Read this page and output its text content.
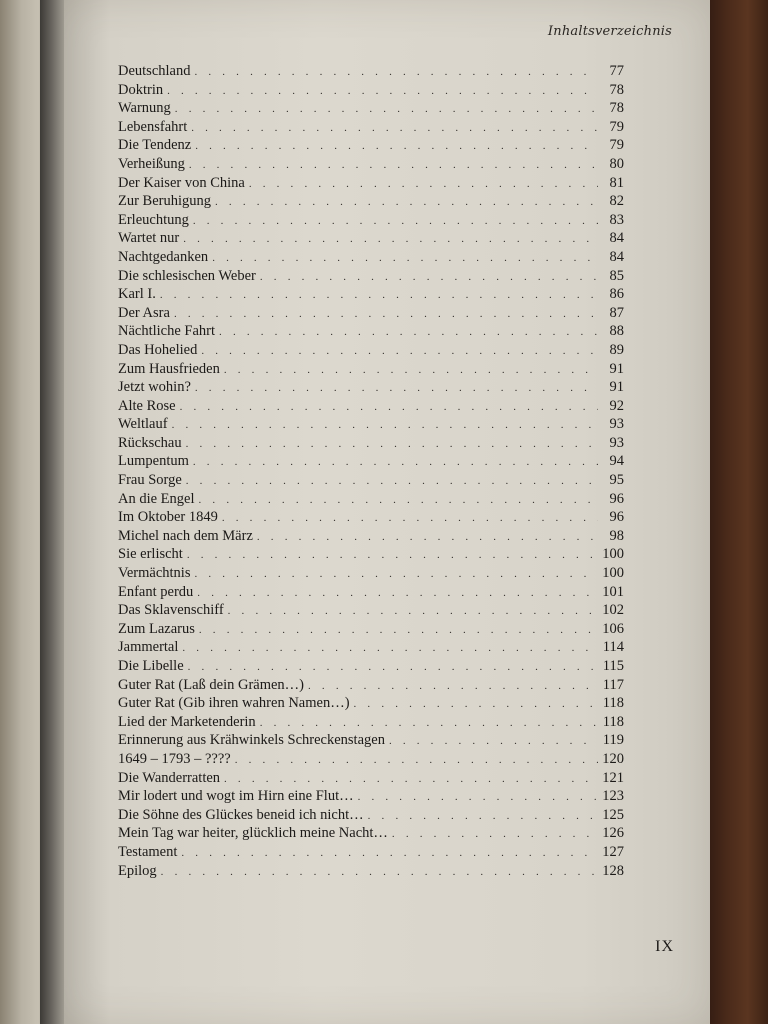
Inhaltsverzeichnis
Deutschland . . .	77
Doktrin . . .	78
Warnung . . .	78
Lebensfahrt . . .	79
Die Tendenz . . .	79
Verheißung . . .	80
Der Kaiser von China . . .	81
Zur Beruhigung . . .	82
Erleuchtung . . .	83
Wartet nur . . .	84
Nachtgedanken . . .	84
Die schlesischen Weber . . .	85
Karl I. . . .	86
Der Asra . . .	87
Nächtliche Fahrt . . .	88
Das Hohelied . . .	89
Zum Hausfrieden . . .	91
Jetzt wohin? . . .	91
Alte Rose . . .	92
Weltlauf . . .	93
Rückschau . . .	93
Lumpentum . . .	94
Frau Sorge . . .	95
An die Engel . . .	96
Im Oktober 1849 . . .	96
Michel nach dem März . . .	98
Sie erlischt . . .	100
Vermächtnis . . .	100
Enfant perdu . . .	101
Das Sklavenschiff . . .	102
Zum Lazarus . . .	106
Jammertal . . .	114
Die Libelle . . .	115
Guter Rat (Laß dein Grämen…) . . .	117
Guter Rat (Gib ihren wahren Namen…) . . .	118
Lied der Marketenderin . . .	118
Erinnerung aus Krähwinkels Schreckenstagen . . .	119
1649 – 1793 – ???? . . .	120
Die Wanderratten . . .	121
Mir lodert und wogt im Hirn eine Flut… . . .	123
Die Söhne des Glückes beneid ich nicht… . . .	125
Mein Tag war heiter, glücklich meine Nacht… . . .	126
Testament . . .	127
Epilog . . .	128
IX
